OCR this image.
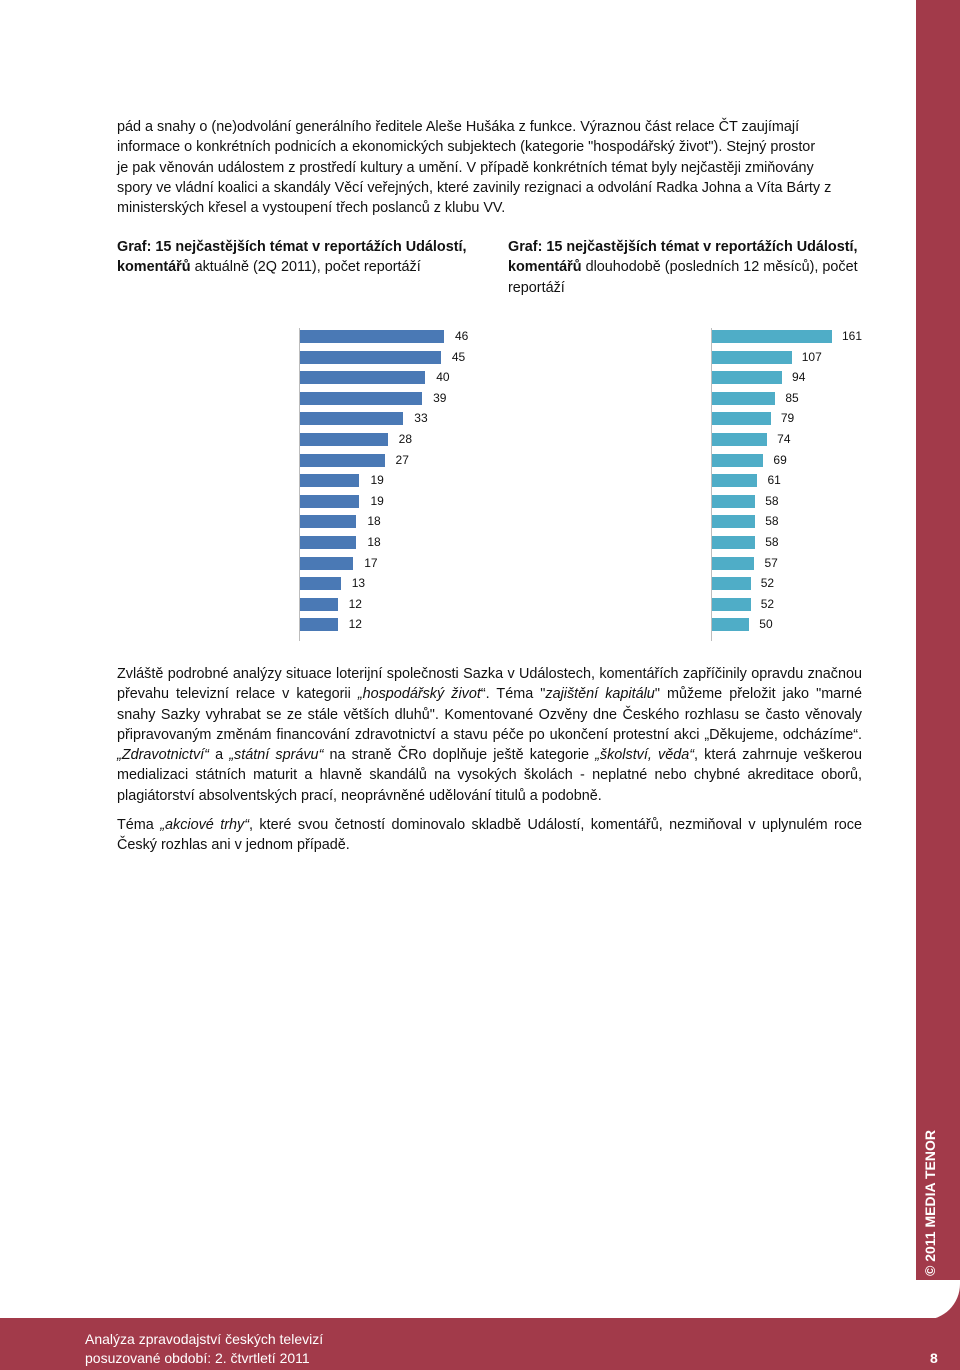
© 2011 MEDIA TENOR
Analýza zpravodajství českých televizí
posuzované období: 2. čtvrtletí 2011	8
pád a snahy o (ne)odvolání generálního ředitele Aleše Hušáka z funkce. Výraznou část relace ČT zaujímají
informace o konkrétních podnicích a ekonomických subjektech (kategorie "hospodářský život"). Stejný prostor
je pak věnován událostem z prostředí kultury a umění. V případě konkrétních témat byly nejčastěji zmiňovány
spory ve vládní koalici a skandály Věcí veřejných, které zavinily rezignaci a odvolání Radka Johna a Víta Bárty z
ministerských křesel a vystoupení třech poslanců z klubu VV.

Graf: 15 nejčastějších témat v reportážích Událostí, komentářů aktuálně (2Q 2011), počet reportáží

Graf: 15 nejčastějších témat v reportážích Událostí, komentářů dlouhodobě (posledních 12 měsíců), počet reportáží

46
45
40
39
33
28
27
19
19
18
18
17
13
12
12
161
107
94
85
79
74
69
61
58
58
58
57
52
52
50

Zvláště podrobné analýzy situace loterijní společnosti Sazka v Událostech, komentářích zapříčinily opravdu značnou převahu televizní relace v kategorii „hospodářský život“. Téma "zajištění kapitálu" můžeme přeložit jako "marné snahy Sazky vyhrabat se ze stále větších dluhů". Komentované Ozvěny dne Českého rozhlasu se často věnovaly připravovaným změnám financování zdravotnictví a stavu péče po ukončení protestní akci „Děkujeme, odcházíme“. „Zdravotnictví“ a „státní správu“ na straně ČRo doplňuje ještě kategorie „školství, věda“, která zahrnuje veškerou medializaci státních maturit a hlavně skandálů na vysokých školách - neplatné nebo chybné akreditace oborů, plagiátorství absolventských prací, neoprávněné udělování titulů a podobně.

Téma „akciové trhy“, které svou četností dominovalo skladbě Událostí, komentářů, nezmiňoval v uplynulém roce Český rozhlas ani v jednom případě.
